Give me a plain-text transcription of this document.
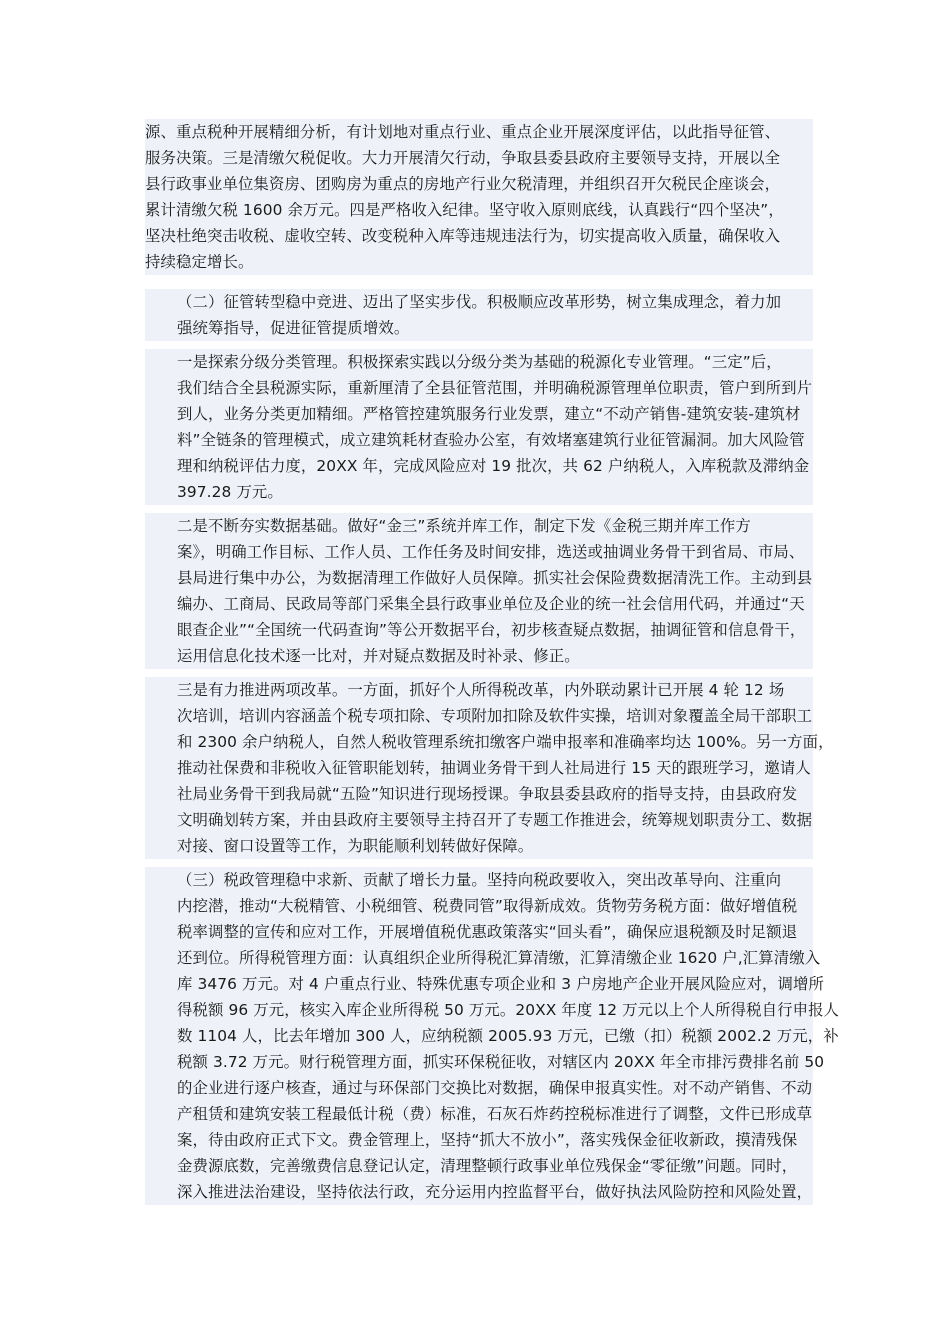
源、重点税种开展精细分析，有计划地对重点行业、重点企业开展深度评估，以此指导征管、
服务决策。三是清缴欠税促收。大力开展清欠行动，争取县委县政府主要领导支持，开展以全
县行政事业单位集资房、团购房为重点的房地产行业欠税清理，并组织召开欠税民企座谈会，
累计清缴欠税 1600 余万元。四是严格收入纪律。坚守收入原则底线，认真践行“四个坚决”，
坚决杜绝突击收税、虚收空转、改变税种入库等违规违法行为，切实提高收入质量，确保收入
持续稳定增长。
（二）征管转型稳中竞进、迈出了坚实步伐。积极顺应改革形势，树立集成理念，着力加
强统筹指导，促进征管提质增效。
一是探索分级分类管理。积极探索实践以分级分类为基础的税源化专业管理。“三定”后，
我们结合全县税源实际，重新厘清了全县征管范围，并明确税源管理单位职责，管户到所到片
到人，业务分类更加精细。严格管控建筑服务行业发票，建立“不动产销售-建筑安装-建筑材
料”全链条的管理模式，成立建筑耗材查验办公室，有效堵塞建筑行业征管漏洞。加大风险管
理和纳税评估力度，20XX 年，完成风险应对 19 批次，共 62 户纳税人，入库税款及滞纳金
397.28 万元。
二是不断夯实数据基础。做好“金三”系统并库工作，制定下发《金税三期并库工作方
案》，明确工作目标、工作人员、工作任务及时间安排，选送或抽调业务骨干到省局、市局、
县局进行集中办公，为数据清理工作做好人员保障。抓实社会保险费数据清洗工作。主动到县
编办、工商局、民政局等部门采集全县行政事业单位及企业的统一社会信用代码，并通过“天
眼查企业”“全国统一代码查询”等公开数据平台，初步核查疑点数据，抽调征管和信息骨干，
运用信息化技术逐一比对，并对疑点数据及时补录、修正。
三是有力推进两项改革。一方面，抓好个人所得税改革，内外联动累计已开展 4 轮 12 场
次培训，培训内容涵盖个税专项扣除、专项附加扣除及软件实操，培训对象覆盖全局干部职工
和 2300 余户纳税人，自然人税收管理系统扣缴客户端申报率和准确率均达 100%。另一方面，
推动社保费和非税收入征管职能划转，抽调业务骨干到人社局进行 15 天的跟班学习，邀请人
社局业务骨干到我局就“五险”知识进行现场授课。争取县委县政府的指导支持，由县政府发
文明确划转方案，并由县政府主要领导主持召开了专题工作推进会，统筹规划职责分工、数据
对接、窗口设置等工作，为职能顺利划转做好保障。
（三）税政管理稳中求新、贡献了增长力量。坚持向税政要收入，突出改革导向、注重向
内挖潜，推动“大税精管、小税细管、税费同管”取得新成效。货物劳务税方面：做好增值税
税率调整的宣传和应对工作，开展增值税优惠政策落实“回头看”，确保应退税额及时足额退
还到位。所得税管理方面：认真组织企业所得税汇算清缴，汇算清缴企业 1620 户,汇算清缴入
库 3476 万元。对 4 户重点行业、特殊优惠专项企业和 3 户房地产企业开展风险应对，调增所
得税额 96 万元，核实入库企业所得税 50 万元。20XX 年度 12 万元以上个人所得税自行申报人
数 1104 人，比去年增加 300 人，应纳税额 2005.93 万元，已缴（扣）税额 2002.2 万元，补
税额 3.72 万元。财行税管理方面，抓实环保税征收，对辖区内 20XX 年全市排污费排名前 50
的企业进行逐户核查，通过与环保部门交换比对数据，确保申报真实性。对不动产销售、不动
产租赁和建筑安装工程最低计税（费）标准，石灰石炸药控税标准进行了调整，文件已形成草
案，待由政府正式下文。费金管理上，坚持“抓大不放小”，落实残保金征收新政，摸清残保
金费源底数，完善缴费信息登记认定，清理整顿行政事业单位残保金“零征缴”问题。同时，
深入推进法治建设，坚持依法行政，充分运用内控监督平台，做好执法风险防控和风险处置，
